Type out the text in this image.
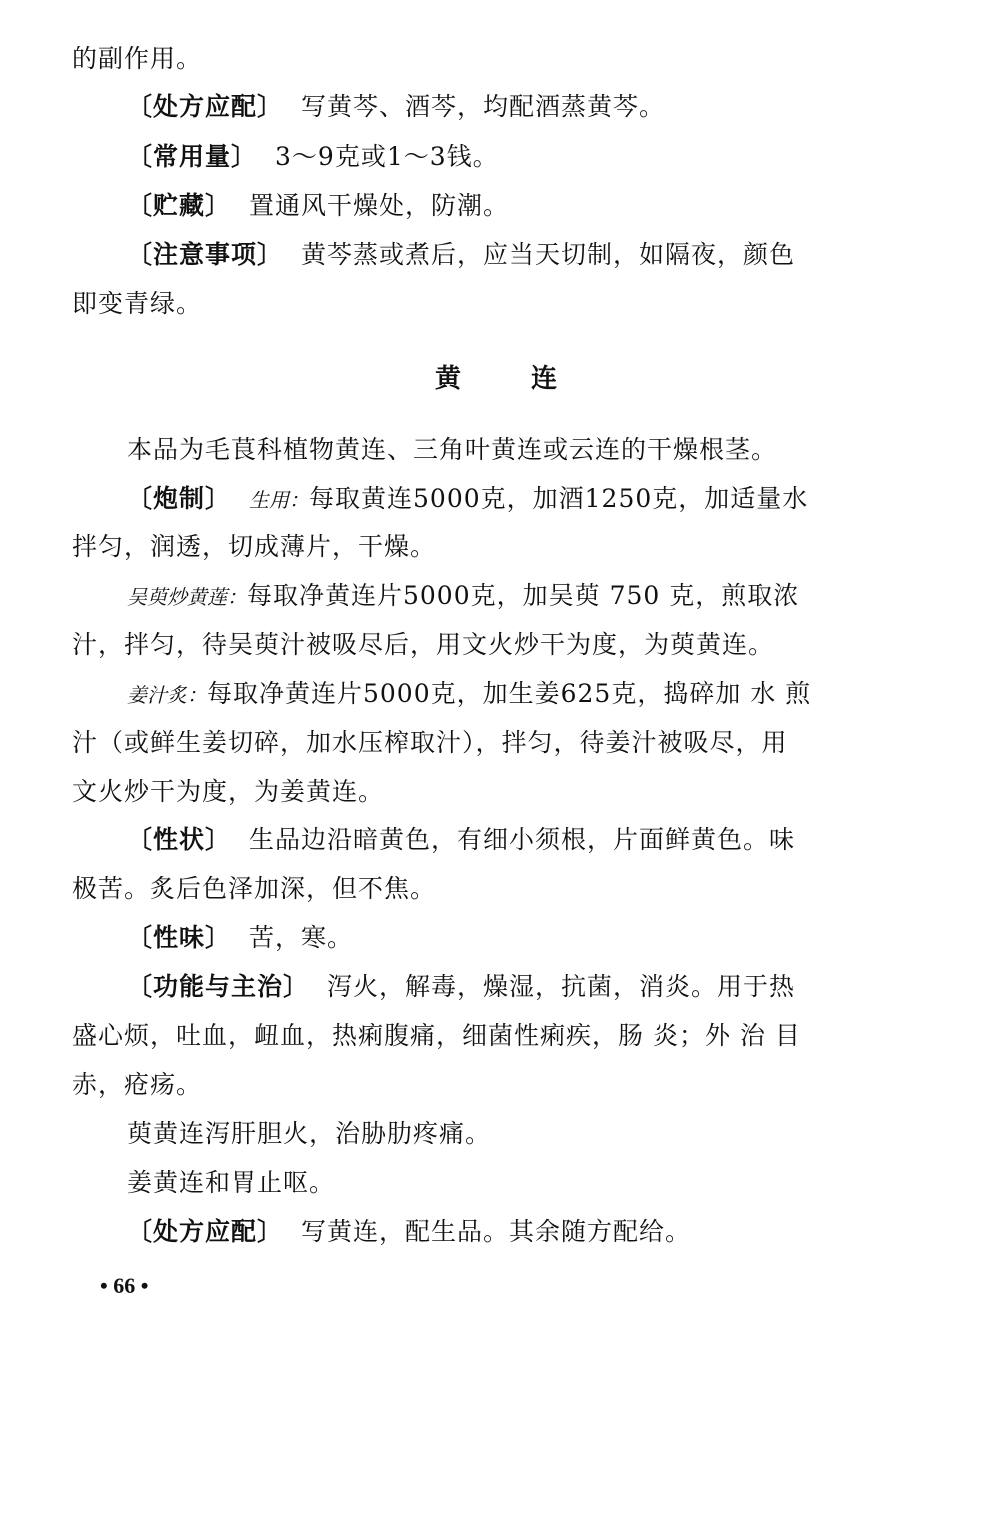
的副作用。
〔处方应配〕 写黄芩、酒芩，均配酒蒸黄芩。
〔常用量〕 3～9克或1～3钱。
〔贮藏〕 置通风干燥处，防潮。
〔注意事项〕 黄芩蒸或煮后，应当天切制，如隔夜，颜色
即变青绿。
黄	连
本品为毛茛科植物黄连、三角叶黄连或云连的干燥根茎。
〔炮制〕 生用：每取黄连5000克，加酒1250克，加适量水
拌匀，润透，切成薄片，干燥。
吴萸炒黄莲：每取净黄连片5000克，加吴萸 750 克，煎取浓
汁，拌匀，待吴萸汁被吸尽后，用文火炒干为度，为萸黄连。
姜汁炙：每取净黄连片5000克，加生姜625克，捣碎加 水 煎
汁（或鲜生姜切碎，加水压榨取汁），拌匀，待姜汁被吸尽，用
文火炒干为度，为姜黄连。
〔性状〕 生品边沿暗黄色，有细小须根，片面鲜黄色。味
极苦。炙后色泽加深，但不焦。
〔性味〕 苦，寒。
〔功能与主治〕 泻火，解毒，燥湿，抗菌，消炎。用于热
盛心烦，吐血，衄血，热痢腹痛，细菌性痢疾，肠 炎；外 治 目
赤，疮疡。
萸黄连泻肝胆火，治胁肋疼痛。
姜黄连和胃止呕。
〔处方应配〕 写黄连，配生品。其余随方配给。
• 66 •
